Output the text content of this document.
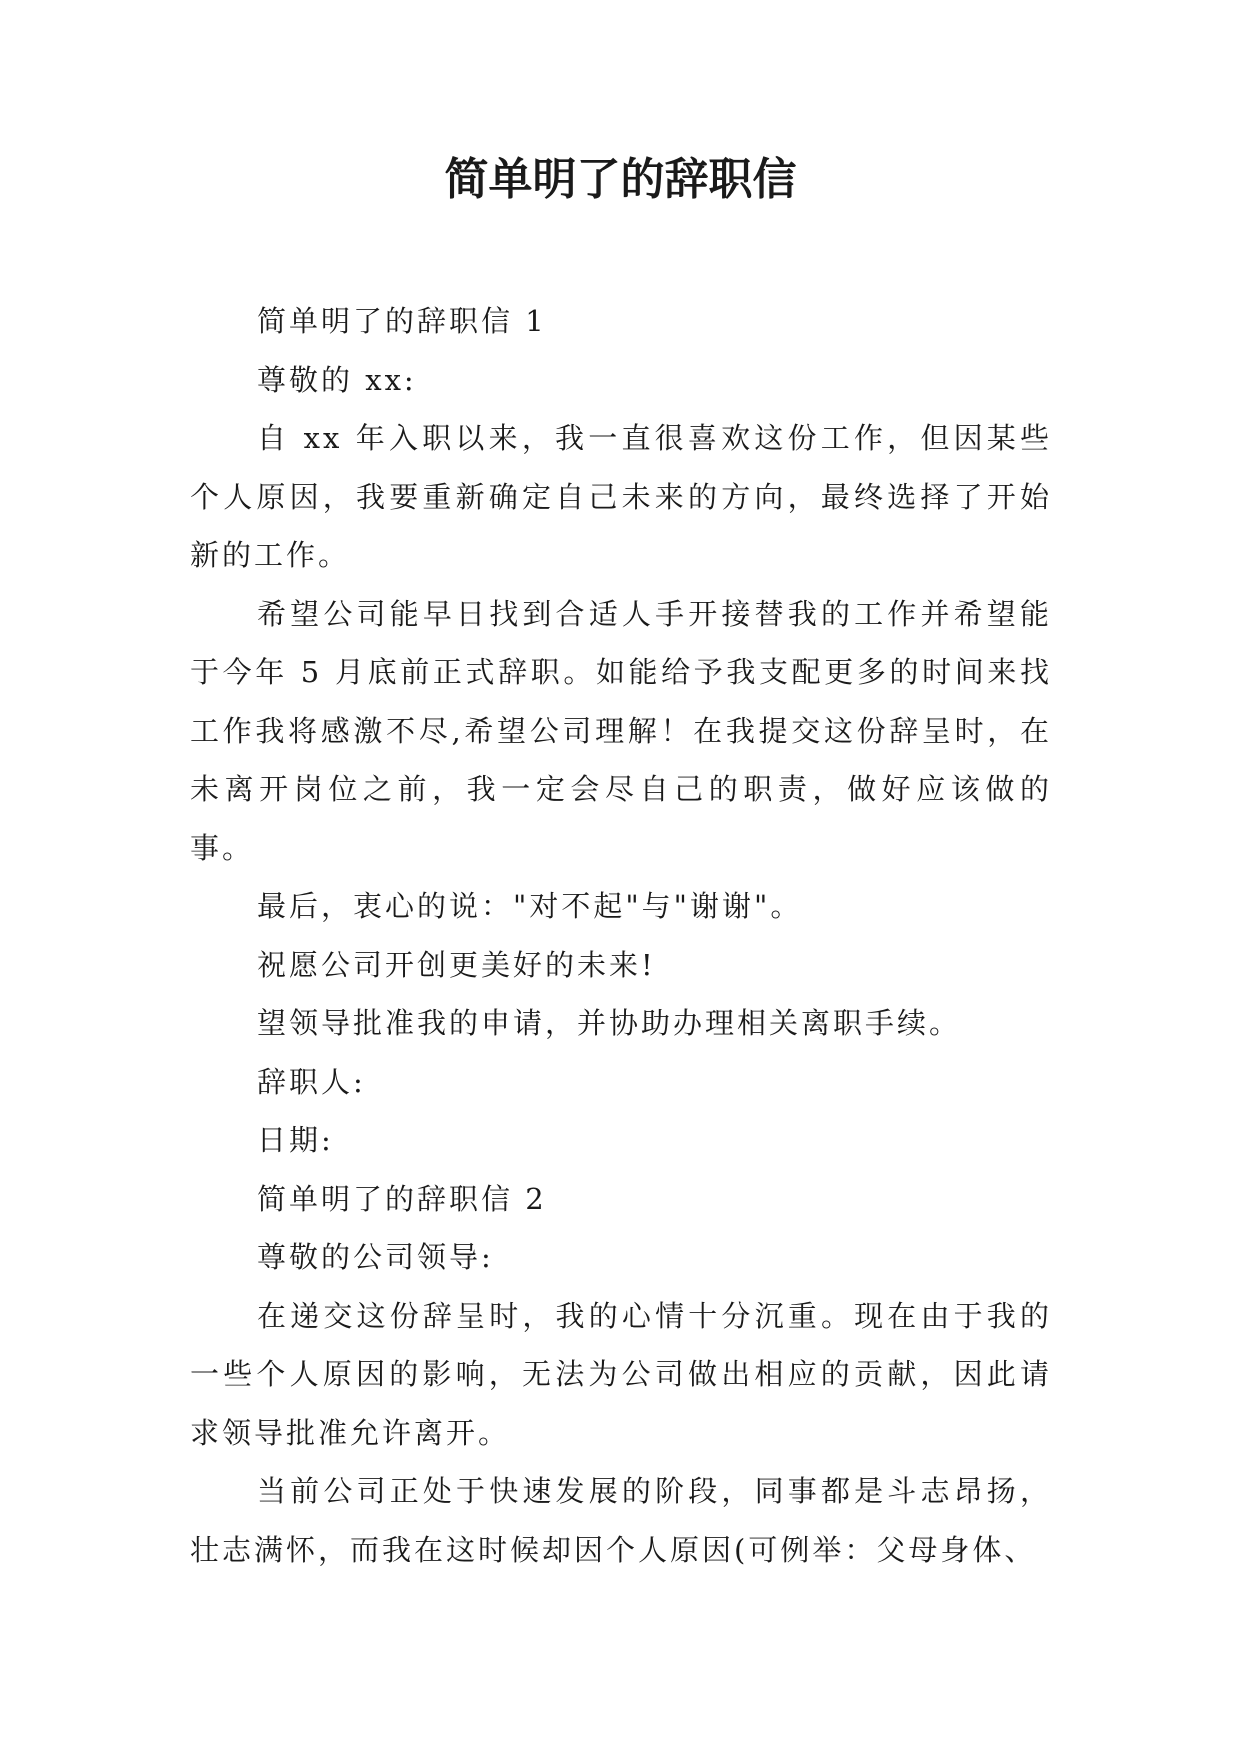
简单明了的辞职信

简单明了的辞职信 1

尊敬的 xx:

自 xx 年入职以来，我一直很喜欢这份工作，但因某些个人原因，我要重新确定自己未来的方向，最终选择了开始新的工作。

希望公司能早日找到合适人手开接替我的工作并希望能于今年 5 月底前正式辞职。如能给予我支配更多的时间来找工作我将感激不尽,希望公司理解！在我提交这份辞呈时，在未离开岗位之前，我一定会尽自己的职责，做好应该做的事。

最后，衷心的说："对不起"与"谢谢"。

祝愿公司开创更美好的未来!

望领导批准我的申请，并协助办理相关离职手续。

辞职人:

日期:

简单明了的辞职信 2

尊敬的公司领导:

在递交这份辞呈时，我的心情十分沉重。现在由于我的一些个人原因的影响，无法为公司做出相应的贡献，因此请求领导批准允许离开。

当前公司正处于快速发展的阶段，同事都是斗志昂扬，壮志满怀，而我在这时候却因个人原因(可例举：父母身体、
